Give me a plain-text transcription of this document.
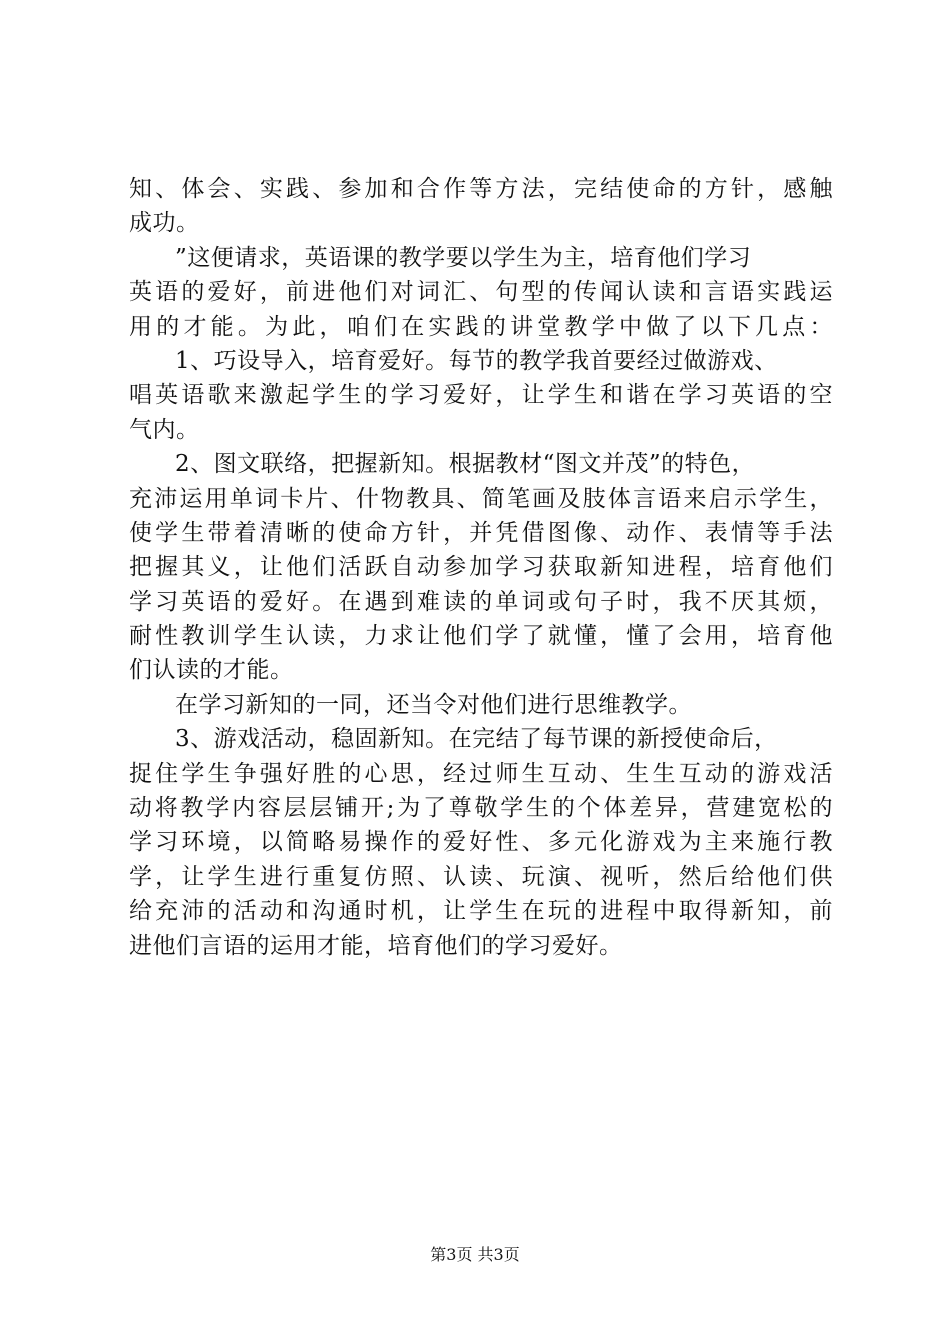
知、体会、实践、参加和合作等方法，完结使命的方针，感触
成功。
”这便请求，英语课的教学要以学生为主，培育他们学习
英语的爱好，前进他们对词汇、句型的传闻认读和言语实践运
用的才能。为此，咱们在实践的讲堂教学中做了以下几点：
1、巧设导入，培育爱好。每节的教学我首要经过做游戏、
唱英语歌来激起学生的学习爱好，让学生和谐在学习英语的空
气内。
2、图文联络，把握新知。根据教材“图文并茂”的特色，
充沛运用单词卡片、什物教具、简笔画及肢体言语来启示学生，
使学生带着清晰的使命方针，并凭借图像、动作、表情等手法
把握其义，让他们活跃自动参加学习获取新知进程，培育他们
学习英语的爱好。在遇到难读的单词或句子时，我不厌其烦，
耐性教训学生认读，力求让他们学了就懂，懂了会用，培育他
们认读的才能。
在学习新知的一同，还当令对他们进行思维教学。
3、游戏活动，稳固新知。在完结了每节课的新授使命后，
捉住学生争强好胜的心思，经过师生互动、生生互动的游戏活
动将教学内容层层铺开;为了尊敬学生的个体差异，营建宽松的
学习环境，以简略易操作的爱好性、多元化游戏为主来施行教
学，让学生进行重复仿照、认读、玩演、视听，然后给他们供
给充沛的活动和沟通时机，让学生在玩的进程中取得新知，前
进他们言语的运用才能，培育他们的学习爱好。
第3页 共3页
